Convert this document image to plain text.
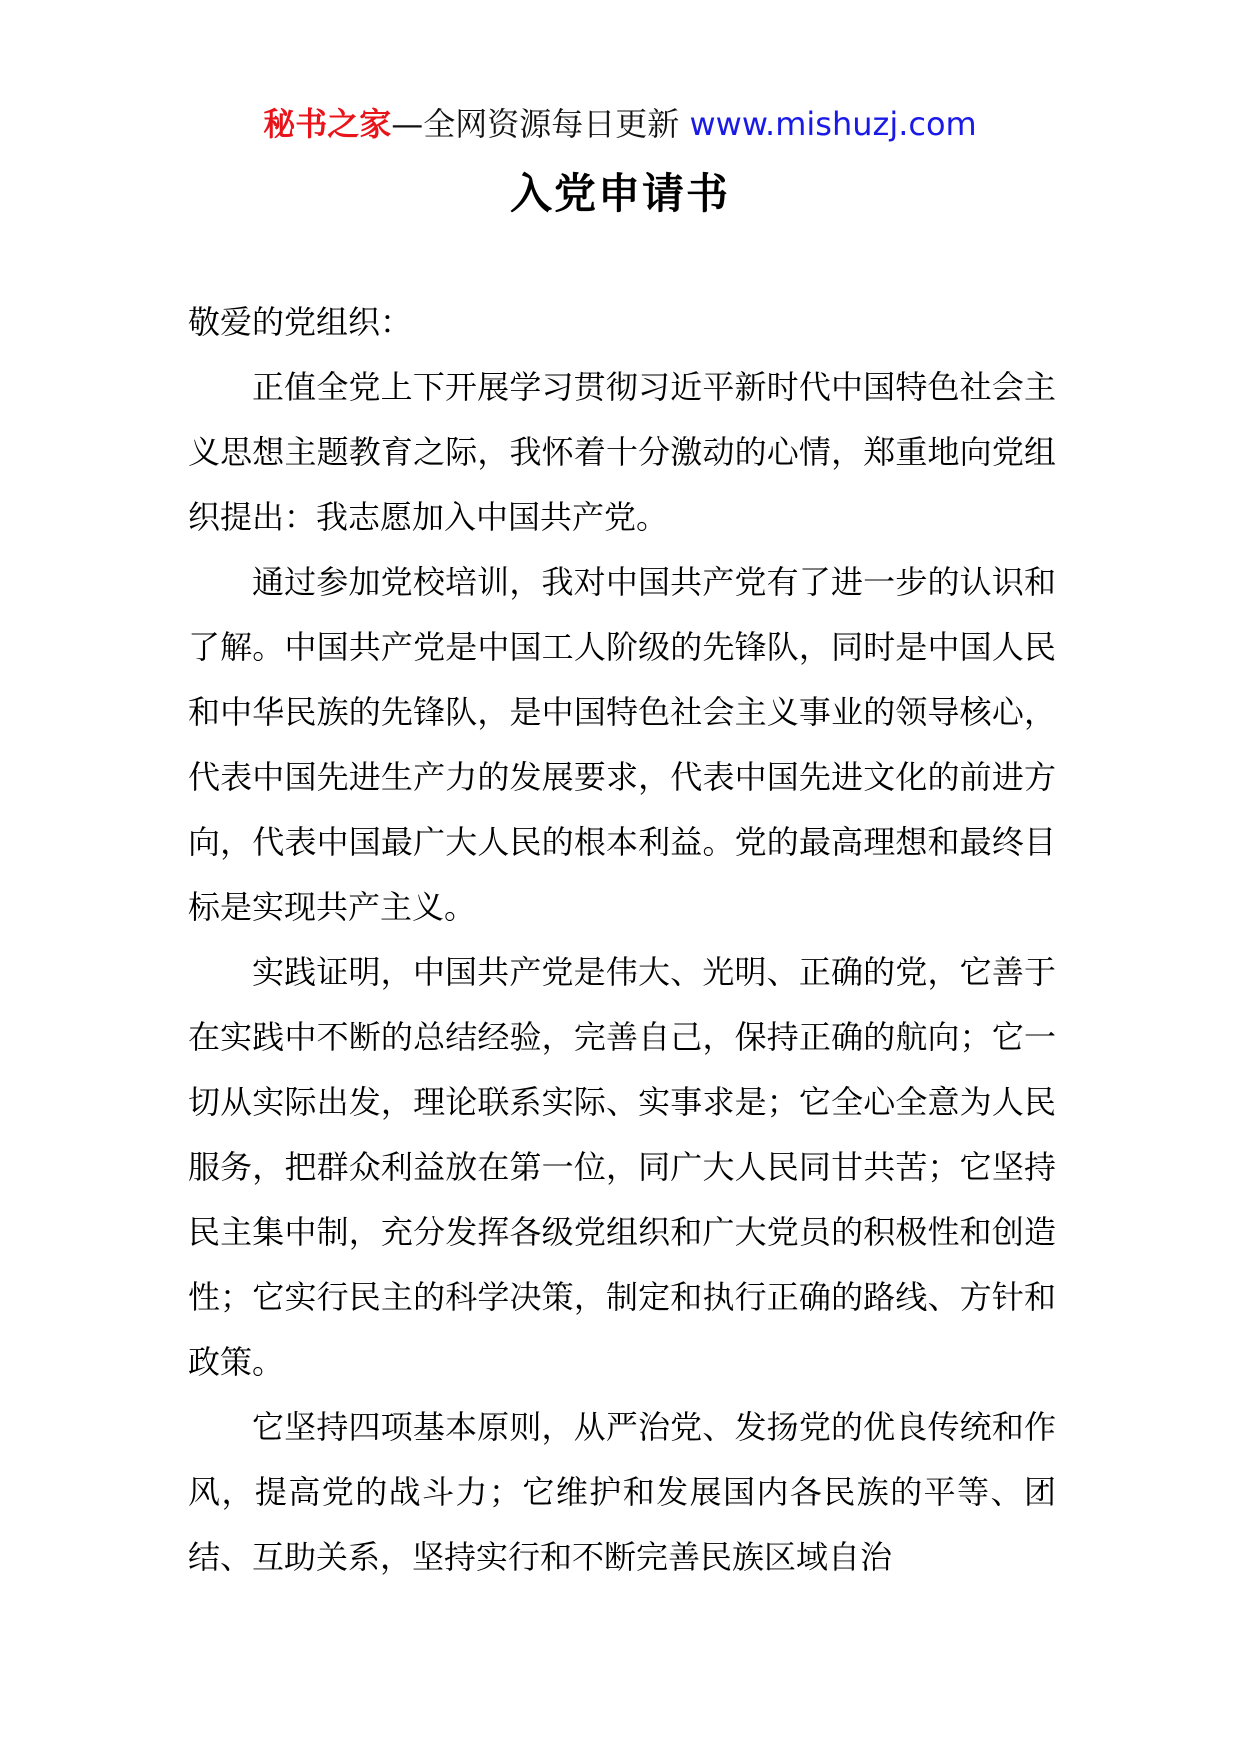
秘书之家—全网资源每日更新 www.mishuzj.com
入党申请书

敬爱的党组织：

正值全党上下开展学习贯彻习近平新时代中国特色社会主义思想主题教育之际，我怀着十分激动的心情，郑重地向党组织提出：我志愿加入中国共产党。

通过参加党校培训，我对中国共产党有了进一步的认识和了解。中国共产党是中国工人阶级的先锋队，同时是中国人民和中华民族的先锋队，是中国特色社会主义事业的领导核心，代表中国先进生产力的发展要求，代表中国先进文化的前进方向，代表中国最广大人民的根本利益。党的最高理想和最终目标是实现共产主义。

实践证明，中国共产党是伟大、光明、正确的党，它善于在实践中不断的总结经验，完善自己，保持正确的航向；它一切从实际出发，理论联系实际、实事求是；它全心全意为人民服务，把群众利益放在第一位，同广大人民同甘共苦；它坚持民主集中制，充分发挥各级党组织和广大党员的积极性和创造性；它实行民主的科学决策，制定和执行正确的路线、方针和政策。

它坚持四项基本原则，从严治党、发扬党的优良传统和作风，提高党的战斗力；它维护和发展国内各民族的平等、团结、互助关系，坚持实行和不断完善民族区域自治
